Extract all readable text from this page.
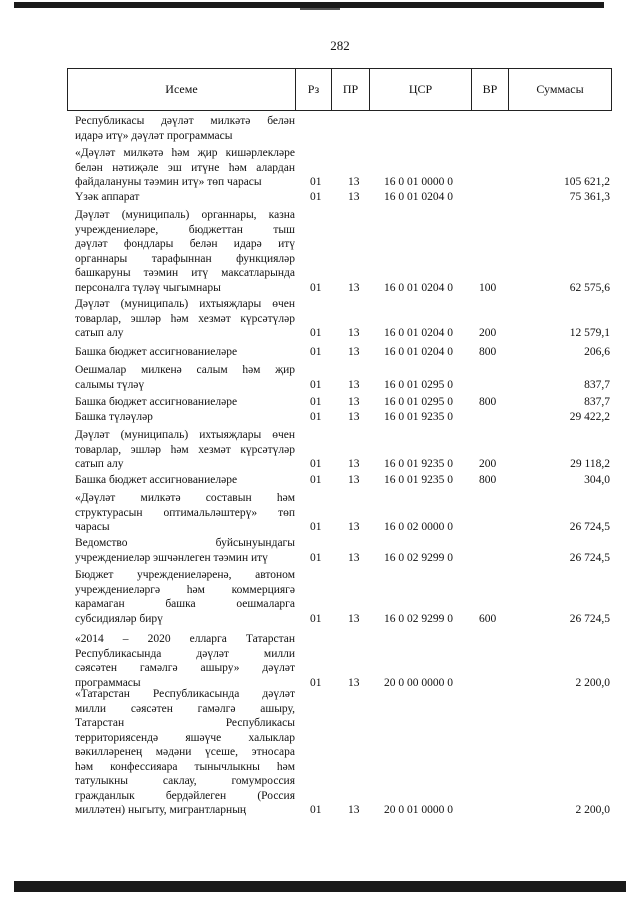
282
Исеме	Рз	ПР	ЦСР	ВР	Суммасы
Республикасы дәүләт милкәтә белән
идарә итү» дәүләт программасы
«Дәүләт милкәтә һәм җир кишәрлекләре
белән нәтиҗәле эш итүне һәм алардан
файдалануны тәэмин итү» төп чарасы	01 13 16 0 01 0000 0	105 621,2
Үзәк аппарат	01 13 16 0 01 0204 0	75 361,3
Дәүләт (муниципаль) органнары, казна
учреждениеләре, бюджеттан тыш
дәүләт фондлары белән идарә итү
органнары тарафыннан функцияләр
башкаруны тәэмин итү максатларында
персоналга түләү чыгымнары	01 13 16 0 01 0204 0 100	62 575,6
Дәүләт (муниципаль) ихтыяҗлары өчен
товарлар, эшләр һәм хезмәт күрсәтүләр
сатып алу	01 13 16 0 01 0204 0 200	12 579,1
Башка бюджет ассигнованиеләре	01 13 16 0 01 0204 0 800	206,6
Оешмалар милкенә салым һәм җир
салымы түләү	01 13 16 0 01 0295 0	837,7
Башка бюджет ассигнованиеләре	01 13 16 0 01 0295 0 800	837,7
Башка түләүләр	01 13 16 0 01 9235 0	29 422,2
Дәүләт (муниципаль) ихтыяҗлары өчен
товарлар, эшләр һәм хезмәт күрсәтүләр
сатып алу	01 13 16 0 01 9235 0 200	29 118,2
Башка бюджет ассигнованиеләре	01 13 16 0 01 9235 0 800	304,0
«Дәүләт милкәтә составын һәм
структурасын оптимальләштерү» төп
чарасы	01 13 16 0 02 0000 0	26 724,5
Ведомство буйсынуындагы
учреждениеләр эшчәнлеген тәэмин итү	01 13 16 0 02 9299 0	26 724,5
Бюджет учреждениеләренә, автоном
учреждениеләргә һәм коммерциягә
карамаган башка оешмаларга
субсидияләр бирү	01 13 16 0 02 9299 0 600	26 724,5
«2014 – 2020 елларга Татарстан
Республикасында дәүләт милли
сәясәтен гамәлгә ашыру» дәүләт
программасы	01 13 20 0 00 0000 0	2 200,0
«Татарстан Республикасында дәүләт
милли сәясәтен гамәлгә ашыру,
Татарстан Республикасы
территориясендә яшәүче халыклар
вәкилләренең мәдәни үсеше, этносара
һәм конфессияара тынычлыкны һәм
татулыкны саклау, гомумроссия
гражданлык бердәйлеген (Россия
милләтен) ныгыту, мигрантларның	01 13 20 0 01 0000 0	2 200,0
